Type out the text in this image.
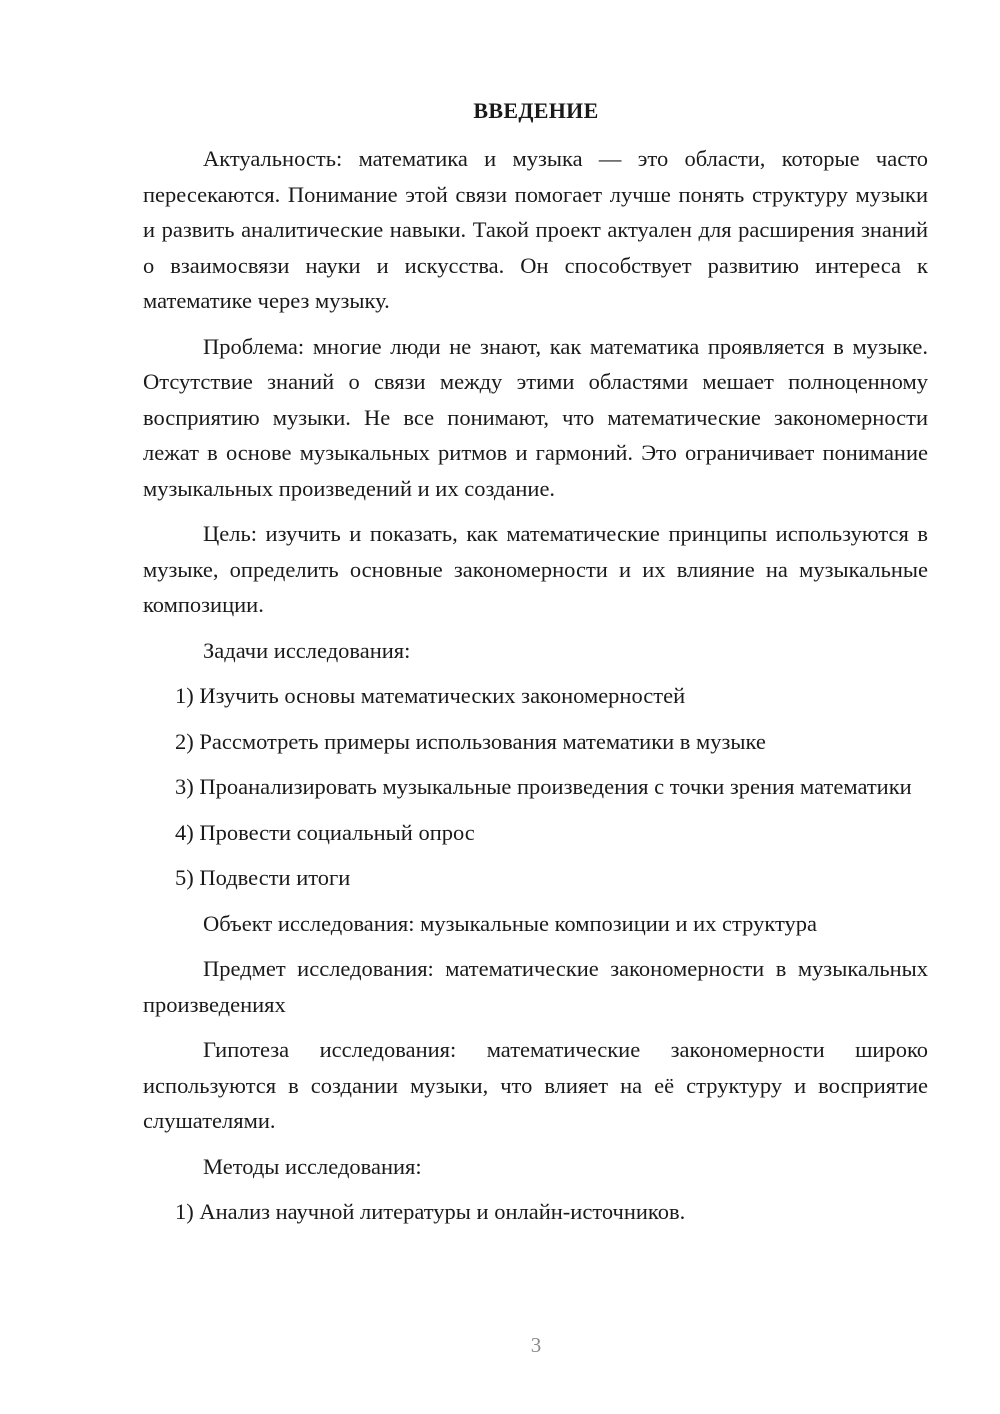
ВВЕДЕНИЕ

Актуальность: математика и музыка — это области, которые часто пересекаются. Понимание этой связи помогает лучше понять структуру музыки и развить аналитические навыки. Такой проект актуален для расширения знаний о взаимосвязи науки и искусства. Он способствует развитию интереса к математике через музыку.

Проблема: многие люди не знают, как математика проявляется в музыке. Отсутствие знаний о связи между этими областями мешает полноценному восприятию музыки. Не все понимают, что математические закономерности лежат в основе музыкальных ритмов и гармоний. Это ограничивает понимание музыкальных произведений и их создание.

Цель: изучить и показать, как математические принципы используются в музыке, определить основные закономерности и их влияние на музыкальные композиции.

Задачи исследования:

1) Изучить основы математических закономерностей

2) Рассмотреть примеры использования математики в музыке

3) Проанализировать музыкальные произведения с точки зрения математики

4) Провести социальный опрос

5) Подвести итоги

Объект исследования: музыкальные композиции и их структура

Предмет исследования: математические закономерности в музыкальных произведениях

Гипотеза исследования: математические закономерности широко используются в создании музыки, что влияет на её структуру и восприятие слушателями.

Методы исследования:

1) Анализ научной литературы и онлайн-источников.

3
